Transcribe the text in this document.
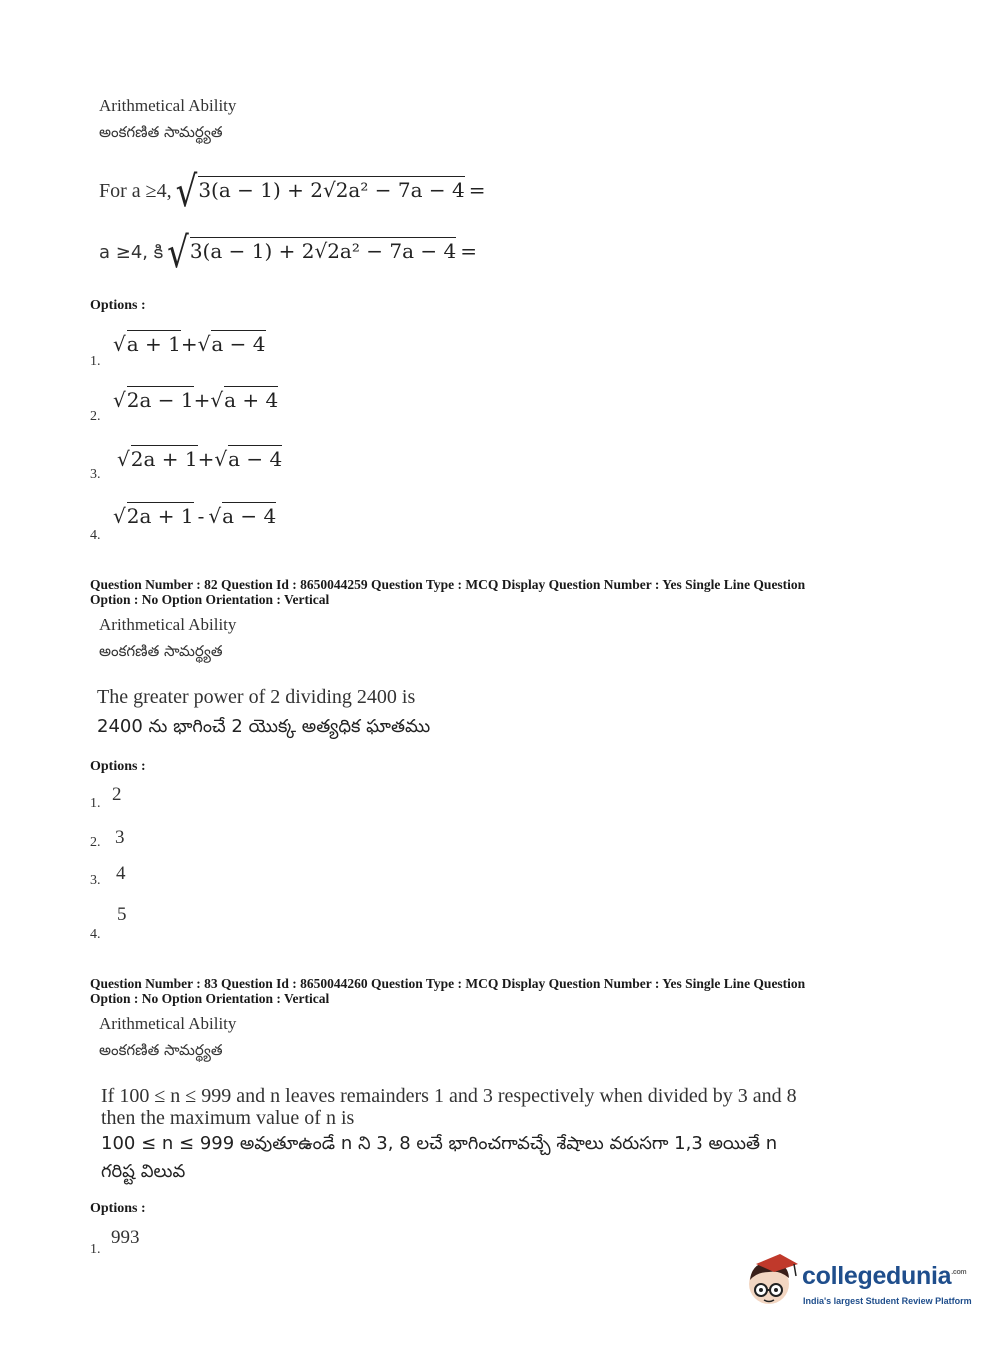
Arithmetical Ability
అంకగణిత సామర్థ్యత
For a ≥4, √3(a − 1) + 2√2a² − 7a − 4 =
a ≥4, కి √3(a − 1) + 2√2a² − 7a − 4 =
Options :
√a + 1+√a − 4
1.
√2a − 1+√a + 4
2.
√2a + 1+√a − 4
3.
√2a + 1 - √a − 4
4.
Question Number : 82 Question Id : 8650044259 Question Type : MCQ Display Question Number : Yes Single Line Question
Option : No Option Orientation : Vertical
Arithmetical Ability
అంకగణిత సామర్థ్యత
The greater power of 2 dividing 2400 is
2400 ను భాగించే 2 యొక్క అత్యధిక ఘాతము
Options :
1. 2
2. 3
3. 4
5
4.
Question Number : 83 Question Id : 8650044260 Question Type : MCQ Display Question Number : Yes Single Line Question
Option : No Option Orientation : Vertical
Arithmetical Ability
అంకగణిత సామర్థ్యత
If 100 ≤ n ≤ 999 and n leaves remainders 1 and 3 respectively when divided by 3 and 8
then the maximum value of n is
100 ≤ n ≤ 999 అవుతూఉండే n ని 3, 8 లచే భాగించగావచ్చే శేషాలు వరుసగా 1,3 అయితే n
గరిష్ట విలువ
Options :
993
1.
collegedunia$^{.com}$
India's largest Student Review Platform
